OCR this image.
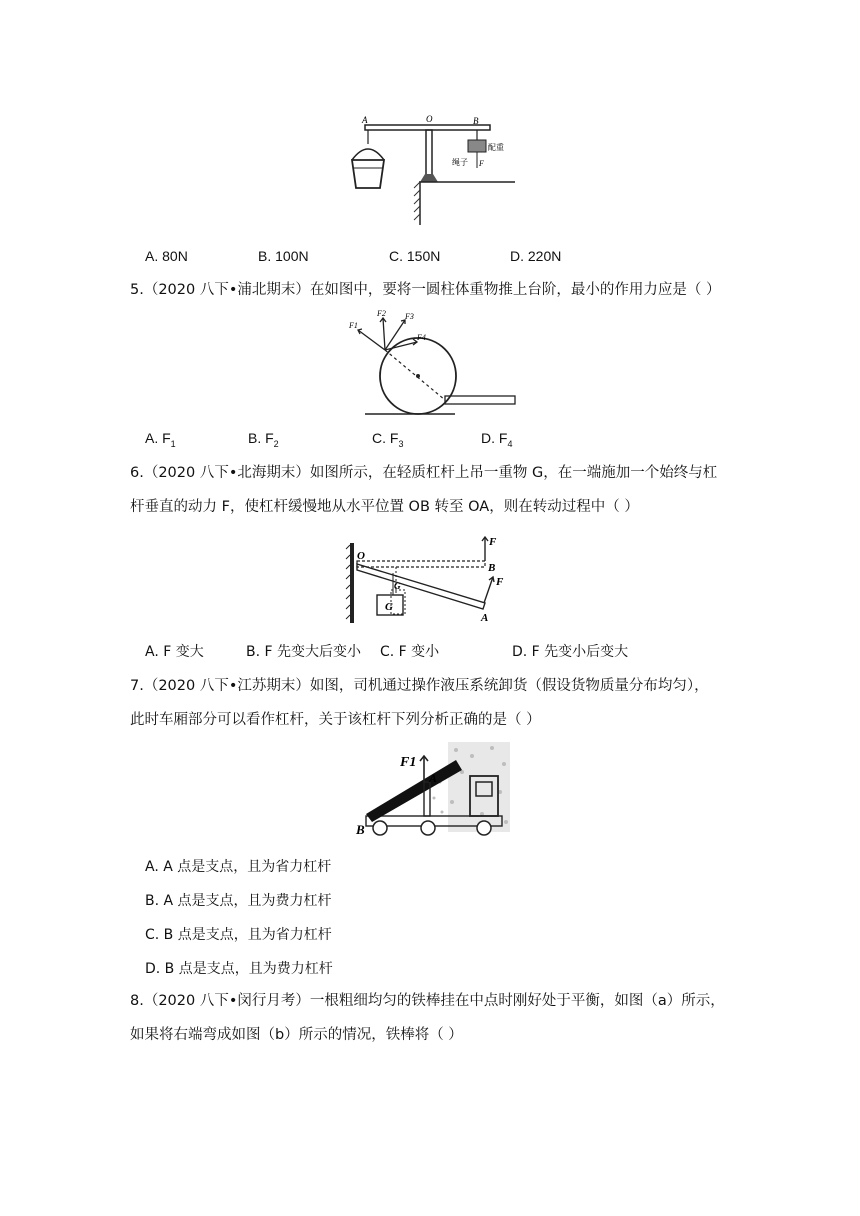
A	O	B
配重
绳子 F
A. 80N	B. 100N	C. 150N	D. 220N
5.（2020 八下•浦北期末）在如图中，要将一圆柱体重物推上台阶，最小的作用力应是（ ）
F1
F2 F3
F4
A. $F_1$	B. $F_2$	C. $F_3$	D. $F_4$
6.（2020 八下•北海期末）如图所示，在轻质杠杆上吊一重物 G，在一端施加一个始终与杠
杆垂直的动力 F，使杠杆缓慢地从水平位置 OB 转至 OA，则在转动过程中（ ）
O
B
A
F
F
G
G
A. F 变大	B. F 先变大后变小 C. F 变小	D. F 先变小后变大
7.（2020 八下•江苏期末）如图，司机通过操作液压系统卸货（假设货物质量分布均匀），
此时车厢部分可以看作杠杆，关于该杠杆下列分析正确的是（ ）
F1
A
B
A. A 点是支点，且为省力杠杆
B. A 点是支点，且为费力杠杆
C. B 点是支点，且为省力杠杆
D. B 点是支点，且为费力杠杆
8.（2020 八下•闵行月考）一根粗细均匀的铁棒挂在中点时刚好处于平衡，如图（a）所示，
如果将右端弯成如图（b）所示的情况，铁棒将（ ）
